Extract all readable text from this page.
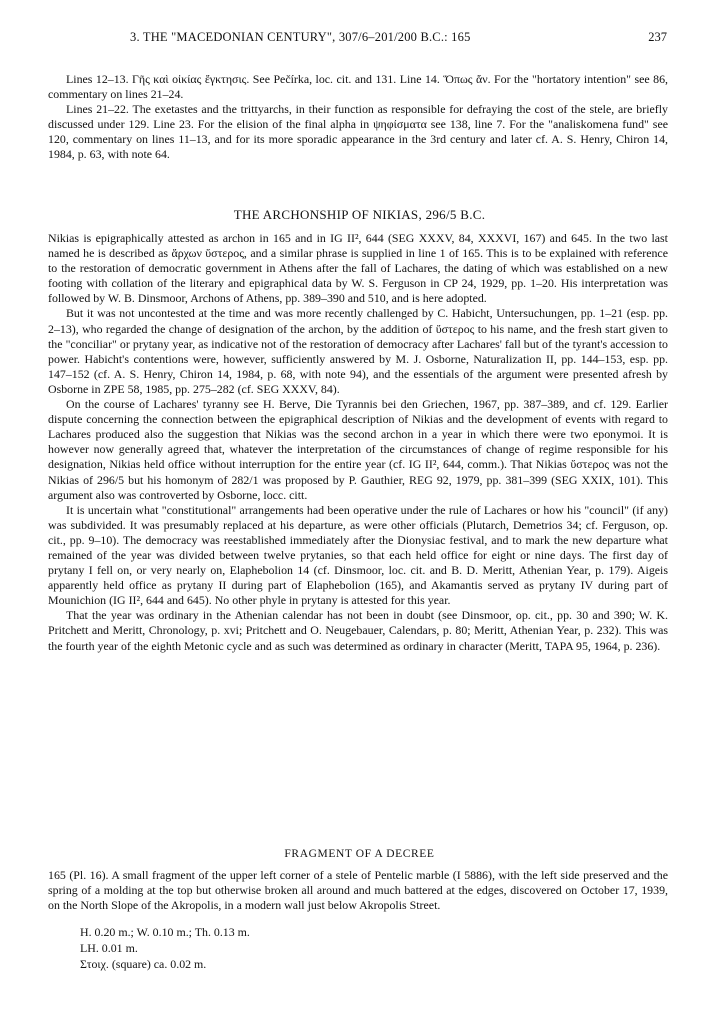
3. THE "MACEDONIAN CENTURY", 307/6–201/200 B.C.: 165	237

Lines 12–13. Γῆς καὶ οἰκίας ἔγκτησις. See Pečírka, loc. cit. and 131. Line 14. Ὅπως ἄν. For the "hortatory intention" see 86, commentary on lines 21–24.

Lines 21–22. The exetastes and the trittyarchs, in their function as responsible for defraying the cost of the stele, are briefly discussed under 129. Line 23. For the elision of the final alpha in ψηφίσματα see 138, line 7. For the "analiskomena fund" see 120, commentary on lines 11–13, and for its more sporadic appearance in the 3rd century and later cf. A. S. Henry, Chiron 14, 1984, p. 63, with note 64.

THE ARCHONSHIP OF NIKIAS, 296/5 B.C.

Nikias is epigraphically attested as archon in 165 and in IG II², 644 (SEG XXXV, 84, XXXVI, 167) and 645. In the two last named he is described as ἄρχων ὕστερος, and a similar phrase is supplied in line 1 of 165. This is to be explained with reference to the restoration of democratic government in Athens after the fall of Lachares, the dating of which was established on a new footing with collation of the literary and epigraphical data by W. S. Ferguson in CP 24, 1929, pp. 1–20. His interpretation was followed by W. B. Dinsmoor, Archons of Athens, pp. 389–390 and 510, and is here adopted.

But it was not uncontested at the time and was more recently challenged by C. Habicht, Untersuchungen, pp. 1–21 (esp. pp. 2–13), who regarded the change of designation of the archon, by the addition of ὕστερος to his name, and the fresh start given to the "conciliar" or prytany year, as indicative not of the restoration of democracy after Lachares' fall but of the tyrant's accession to power. Habicht's contentions were, however, sufficiently answered by M. J. Osborne, Naturalization II, pp. 144–153, esp. pp. 147–152 (cf. A. S. Henry, Chiron 14, 1984, p. 68, with note 94), and the essentials of the argument were presented afresh by Osborne in ZPE 58, 1985, pp. 275–282 (cf. SEG XXXV, 84).

On the course of Lachares' tyranny see H. Berve, Die Tyrannis bei den Griechen, 1967, pp. 387–389, and cf. 129. Earlier dispute concerning the connection between the epigraphical description of Nikias and the development of events with regard to Lachares produced also the suggestion that Nikias was the second archon in a year in which there were two eponymoi. It is however now generally agreed that, whatever the interpretation of the circumstances of change of regime responsible for his designation, Nikias held office without interruption for the entire year (cf. IG II², 644, comm.). That Nikias ὕστερος was not the Nikias of 296/5 but his homonym of 282/1 was proposed by P. Gauthier, REG 92, 1979, pp. 381–399 (SEG XXIX, 101). This argument also was controverted by Osborne, locc. citt.

It is uncertain what "constitutional" arrangements had been operative under the rule of Lachares or how his "council" (if any) was subdivided. It was presumably replaced at his departure, as were other officials (Plutarch, Demetrios 34; cf. Ferguson, op. cit., pp. 9–10). The democracy was reestablished immediately after the Dionysiac festival, and to mark the new departure what remained of the year was divided between twelve prytanies, so that each held office for eight or nine days. The first day of prytany I fell on, or very nearly on, Elaphebolion 14 (cf. Dinsmoor, loc. cit. and B. D. Meritt, Athenian Year, p. 179). Aigeis apparently held office as prytany II during part of Elaphebolion (165), and Akamantis served as prytany IV during part of Mounichion (IG II², 644 and 645). No other phyle in prytany is attested for this year.

That the year was ordinary in the Athenian calendar has not been in doubt (see Dinsmoor, op. cit., pp. 30 and 390; W. K. Pritchett and Meritt, Chronology, p. xvi; Pritchett and O. Neugebauer, Calendars, p. 80; Meritt, Athenian Year, p. 232). This was the fourth year of the eighth Metonic cycle and as such was determined as ordinary in character (Meritt, TAPA 95, 1964, p. 236).

FRAGMENT OF A DECREE

165 (Pl. 16). A small fragment of the upper left corner of a stele of Pentelic marble (I 5886), with the left side preserved and the spring of a molding at the top but otherwise broken all around and much battered at the edges, discovered on October 17, 1939, on the North Slope of the Akropolis, in a modern wall just below Akropolis Street.

H. 0.20 m.; W. 0.10 m.; Th. 0.13 m.
LH. 0.01 m.
Στοιχ. (square) ca. 0.02 m.
